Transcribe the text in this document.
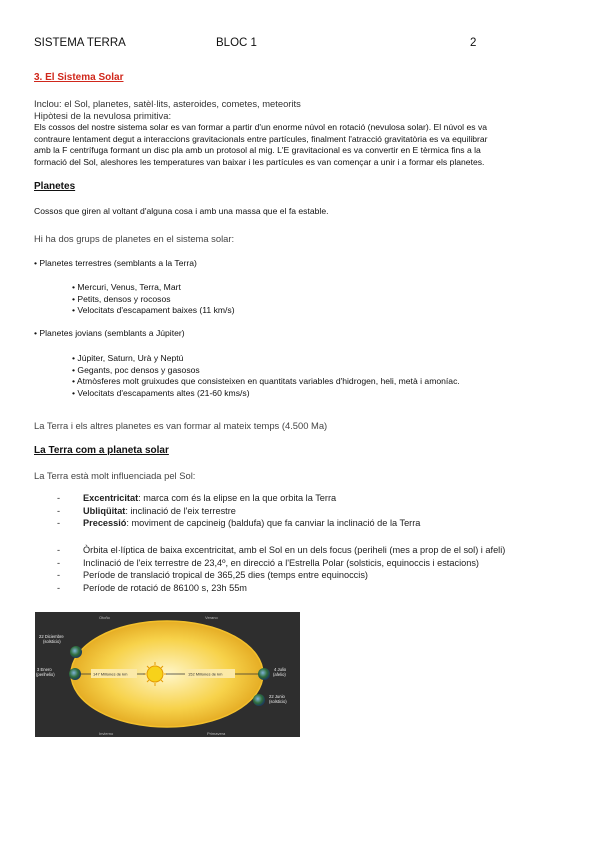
SISTEMA TERRA	BLOC 1	2
3. El Sistema Solar
Inclou: el Sol, planetes, satèl·lits, asteroides, cometes, meteorits
Hipòtesi de la nevulosa primitiva:
Els cossos del nostre sistema solar es van formar a partir d'un enorme núvol en rotació (nevulosa solar). El núvol es va
contraure lentament degut a interaccions gravitacionals entre partícules, finalment l'atracció gravitatòria es va equilibrar
amb la F centrífuga formant un disc pla amb un protosol al mig. L'E gravitacional es va convertir en E tèrmica fins a la
formació del Sol, aleshores les temperatures van baixar i les partícules es van començar a unir i a formar els planetes.
Planetes
Cossos que giren al voltant d'alguna cosa i amb una massa que el fa estable.
Hi ha dos grups de planetes en el sistema solar:
• Planetes terrestres (semblants a la Terra)
• Mercuri, Venus, Terra, Mart
• Petits, densos y rocosos
• Velocitats d'escapament baixes (11 km/s)
• Planetes jovians (semblants a Júpiter)
• Júpiter, Saturn, Urà y Neptú
• Gegants, poc densos y gasosos
• Atmòsferes molt gruixudes que consisteixen en quantitats variables d'hidrogen, heli, metà i amoníac.
• Velocitats d'escapaments altes (21-60 kms/s)
La Terra i els altres planetes es van formar al mateix temps (4.500 Ma)
La Terra com a planeta solar
La Terra està molt influenciada pel Sol:
- Excentricitat: marca com és la elipse en la que orbita la Terra
- Ubliqüitat: inclinació de l'eix terrestre
- Precessió: moviment de capcineig (baldufa) que fa canviar la inclinació de la Terra
- Òrbita el·líptica de baixa excentricitat, amb el Sol en un dels focus (periheli (mes a prop de el sol) i afeli)
- Inclinació de l'eix terrestre de 23,4º, en direcció a l'Estrella Polar (solsticis, equinoccis i estacions)
- Període de translació tropical de 365,25 dies (temps entre equinoccis)
- Període de rotació de 86100 s, 23h 55m
147 Millones de km	152 Millones de km
22 Diciembre
(solsticio)
3 Enero
(perihelio)
4 Julio
(afelio)
22 Junio
(solsticio)
Otoño	Verano
Invierno	Primavera
